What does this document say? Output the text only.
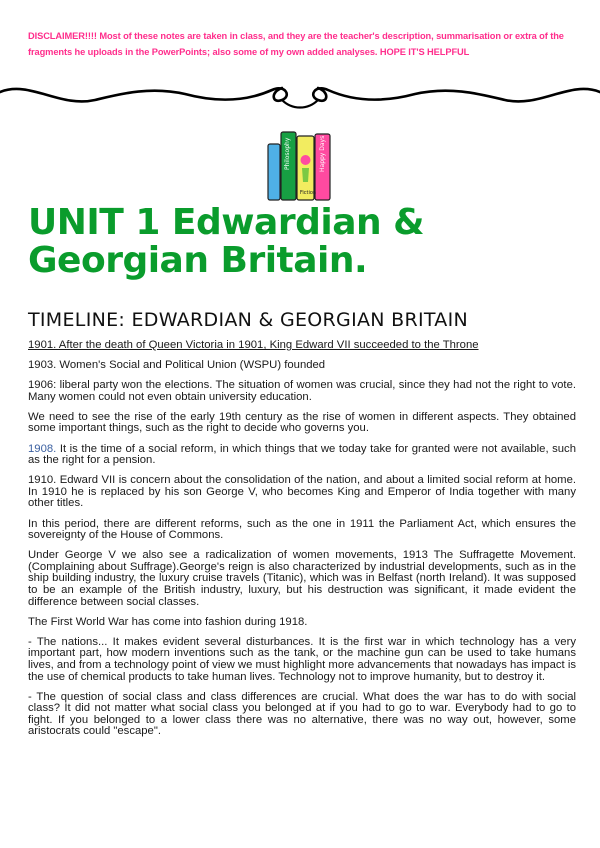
DISCLAIMER!!!! Most of these notes are taken in class, and they are the teacher's description, summarisation or extra of the fragments he uploads in the PowerPoints; also some of my own added analyses. HOPE IT'S HELPFUL
Philosophy
Fiction
Happy Days
UNIT 1 Edwardian & Georgian Britain.
TIMELINE: EDWARDIAN & GEORGIAN BRITAIN

1901. After the death of Queen Victoria in 1901, King Edward VII succeeded to the Throne

1903. Women's Social and Political Union (WSPU) founded

1906: liberal party won the elections. The situation of women was crucial, since they had not the right to vote. Many women could not even obtain university education.

We need to see the rise of the early 19th century as the rise of women in different aspects. They obtained some important things, such as the right to decide who governs you.

1908. It is the time of a social reform, in which things that we today take for granted were not available, such as the right for a pension.

1910. Edward VII is concern about the consolidation of the nation, and about a limited social reform at home. In 1910 he is replaced by his son George V, who becomes King and Emperor of India together with many other titles.

In this period, there are different reforms, such as the one in 1911 the Parliament Act, which ensures the sovereignty of the House of Commons.

Under George V we also see a radicalization of women movements, 1913 The Suffragette Movement. (Complaining about Suffrage).George's reign is also characterized by industrial developments, such as in the ship building industry, the luxury cruise travels (Titanic), which was in Belfast (north Ireland). It was supposed to be an example of the British industry, luxury, but his destruction was significant, it made evident the difference between social classes.

The First World War has come into fashion during 1918.

- The nations... It makes evident several disturbances. It is the first war in which technology has a very important part, how modern inventions such as the tank, or the machine gun can be used to take humans lives, and from a technology point of view we must highlight more advancements that nowadays has impact is the use of chemical products to take human lives. Technology not to improve humanity, but to destroy it.

- The question of social class and class differences are crucial. What does the war has to do with social class? It did not matter what social class you belonged at if you had to go to war. Everybody had to go to fight. If you belonged to a lower class there was no alternative, there was no way out, however, some aristocrats could "escape".
